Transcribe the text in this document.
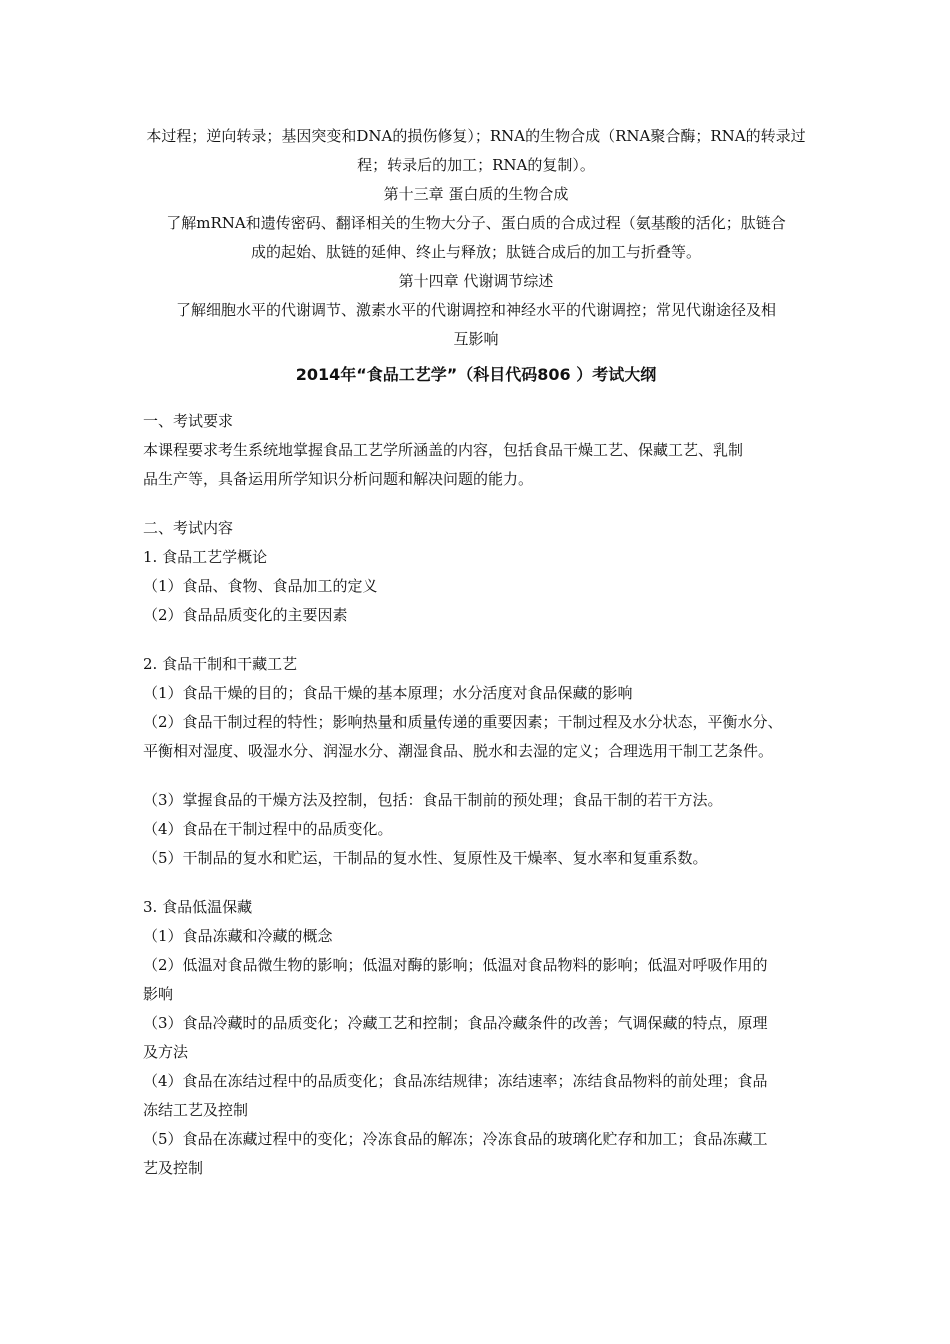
本过程；逆向转录；基因突变和DNA的损伤修复）；RNA的生物合成（RNA聚合酶；RNA的转录过

程；转录后的加工；RNA的复制）。

第十三章 蛋白质的生物合成

了解mRNA和遗传密码、翻译相关的生物大分子、蛋白质的合成过程（氨基酸的活化；肽链合

成的起始、肽链的延伸、终止与释放；肽链合成后的加工与折叠等。

第十四章 代谢调节综述

了解细胞水平的代谢调节、激素水平的代谢调控和神经水平的代谢调控；常见代谢途径及相

互影响

2014年“食品工艺学”（科目代码806 ）考试大纲

一、考试要求

本课程要求考生系统地掌握食品工艺学所涵盖的内容，包括食品干燥工艺、保藏工艺、乳制

品生产等，具备运用所学知识分析问题和解决问题的能力。

二、考试内容

1. 食品工艺学概论

（1）食品、食物、食品加工的定义

（2）食品品质变化的主要因素

2. 食品干制和干藏工艺

（1）食品干燥的目的；食品干燥的基本原理；水分活度对食品保藏的影响

（2）食品干制过程的特性；影响热量和质量传递的重要因素；干制过程及水分状态，平衡水分、

平衡相对湿度、吸湿水分、润湿水分、潮湿食品、脱水和去湿的定义；合理选用干制工艺条件。

（3）掌握食品的干燥方法及控制，包括：食品干制前的预处理；食品干制的若干方法。

（4）食品在干制过程中的品质变化。

（5）干制品的复水和贮运，干制品的复水性、复原性及干燥率、复水率和复重系数。

3. 食品低温保藏

（1）食品冻藏和冷藏的概念

（2）低温对食品微生物的影响；低温对酶的影响；低温对食品物料的影响；低温对呼吸作用的

影响

（3）食品冷藏时的品质变化；冷藏工艺和控制；食品冷藏条件的改善；气调保藏的特点，原理

及方法

（4）食品在冻结过程中的品质变化；食品冻结规律；冻结速率；冻结食品物料的前处理；食品

冻结工艺及控制

（5）食品在冻藏过程中的变化；冷冻食品的解冻；冷冻食品的玻璃化贮存和加工；食品冻藏工

艺及控制
